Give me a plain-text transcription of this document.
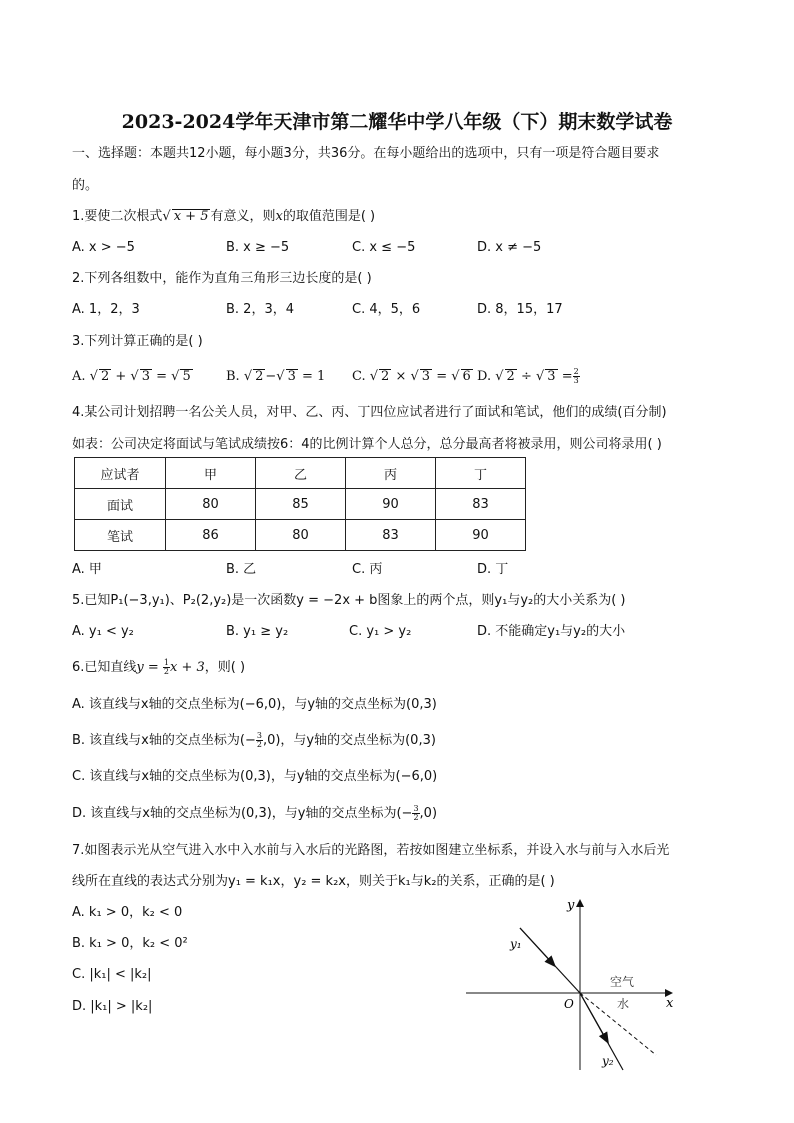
2023-2024学年天津市第二耀华中学八年级（下）期末数学试卷
一、选择题：本题共12小题，每小题3分，共36分。在每小题给出的选项中，只有一项是符合题目要求
的。
1.要使二次根式√ x + 5 有意义，则x的取值范围是( )
A. x > −5	B. x ≥ −5	C. x ≤ −5	D. x ≠ −5
2.下列各组数中，能作为直角三角形三边长度的是( )
A. 1，2，3	B. 2，3，4	C. 4，5，6	D. 8，15，17
3.下列计算正确的是( )
A. √ 2 + √ 3 = √ 5	B. √ 2 −√ 3 = 1 C. √ 2 × √ 3 = √ 6 D. √ 2 ÷ √ $3 = \frac{2}{3}$
4.某公司计划招聘一名公关人员，对甲、乙、丙、丁四位应试者进行了面试和笔试，他们的成绩(百分制)
如表：公司决定将面试与笔试成绩按6：4的比例计算个人总分，总分最高者将被录用，则公司将录用( )
应试者	甲	乙	丙	丁
面试	80	85	90	83
笔试	86	80	83	90
A. 甲	B. 乙	C. 丙	D. 丁
5.已知P₁(−3,y₁)、P₂(2,y₂)是一次函数y = −2x + b图象上的两个点，则y₁与y₂的大小关系为( )
A. y₁ < y₂	B. y₁ ≥ y₂	C. y₁ > y₂	D. 不能确定y₁与y₂的大小
6.已知直线$y = \frac{1}{2}$ x + 3，则( )
A. 该直线与x轴的交点坐标为(−6,0)，与y轴的交点坐标为(0,3)
B. 该直线与x轴的交点坐标为(− $\frac{3}{2} ,0$)，与y轴的交点坐标为(0,3)
C. 该直线与x轴的交点坐标为(0,3)，与y轴的交点坐标为(−6,0)
D. 该直线与x轴的交点坐标为(0,3)，与y轴的交点坐标为(− $\frac{3}{2} ,0$)
7.如图表示光从空气进入水中入水前与入水后的光路图，若按如图建立坐标系，并设入水与前与入水后光
线所在直线的表达式分别为y₁ = k₁x，y₂ = k₂x，则关于k₁与k₂的关系，正确的是( )
A. k₁ > 0，k₂ < 0
B. k₁ > 0，k₂ < 0²
C. |k₁| < |k₂|
D. |k₁| > |k₂|
y
x
O
y₁
y₂
空气
水
